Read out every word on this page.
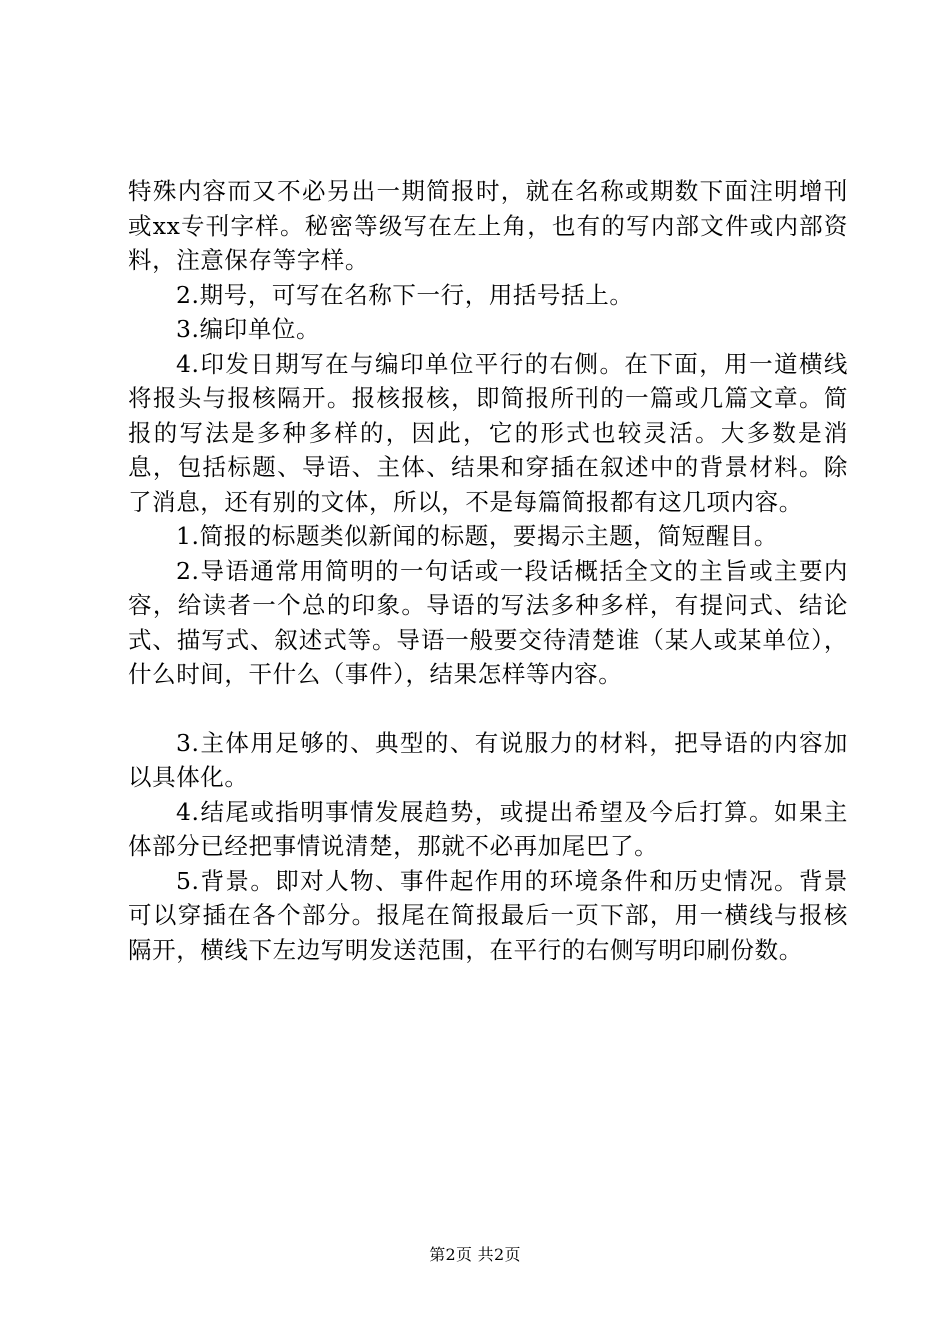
特殊内容而又不必另出一期简报时，就在名称或期数下面注明增刊或xx专刊字样。秘密等级写在左上角，也有的写内部文件或内部资料，注意保存等字样。

2.期号，可写在名称下一行，用括号括上。

3.编印单位。

4.印发日期写在与编印单位平行的右侧。在下面，用一道横线将报头与报核隔开。报核报核，即简报所刊的一篇或几篇文章。简报的写法是多种多样的，因此，它的形式也较灵活。大多数是消息，包括标题、导语、主体、结果和穿插在叙述中的背景材料。除了消息，还有别的文体，所以，不是每篇简报都有这几项内容。

1.简报的标题类似新闻的标题，要揭示主题，简短醒目。

2.导语通常用简明的一句话或一段话概括全文的主旨或主要内容，给读者一个总的印象。导语的写法多种多样，有提问式、结论式、描写式、叙述式等。导语一般要交待清楚谁（某人或某单位），什么时间，干什么（事件），结果怎样等内容。

3.主体用足够的、典型的、有说服力的材料，把导语的内容加以具体化。

4.结尾或指明事情发展趋势，或提出希望及今后打算。如果主体部分已经把事情说清楚，那就不必再加尾巴了。

5.背景。即对人物、事件起作用的环境条件和历史情况。背景可以穿插在各个部分。报尾在简报最后一页下部，用一横线与报核隔开，横线下左边写明发送范围，在平行的右侧写明印刷份数。

第2页 共2页
